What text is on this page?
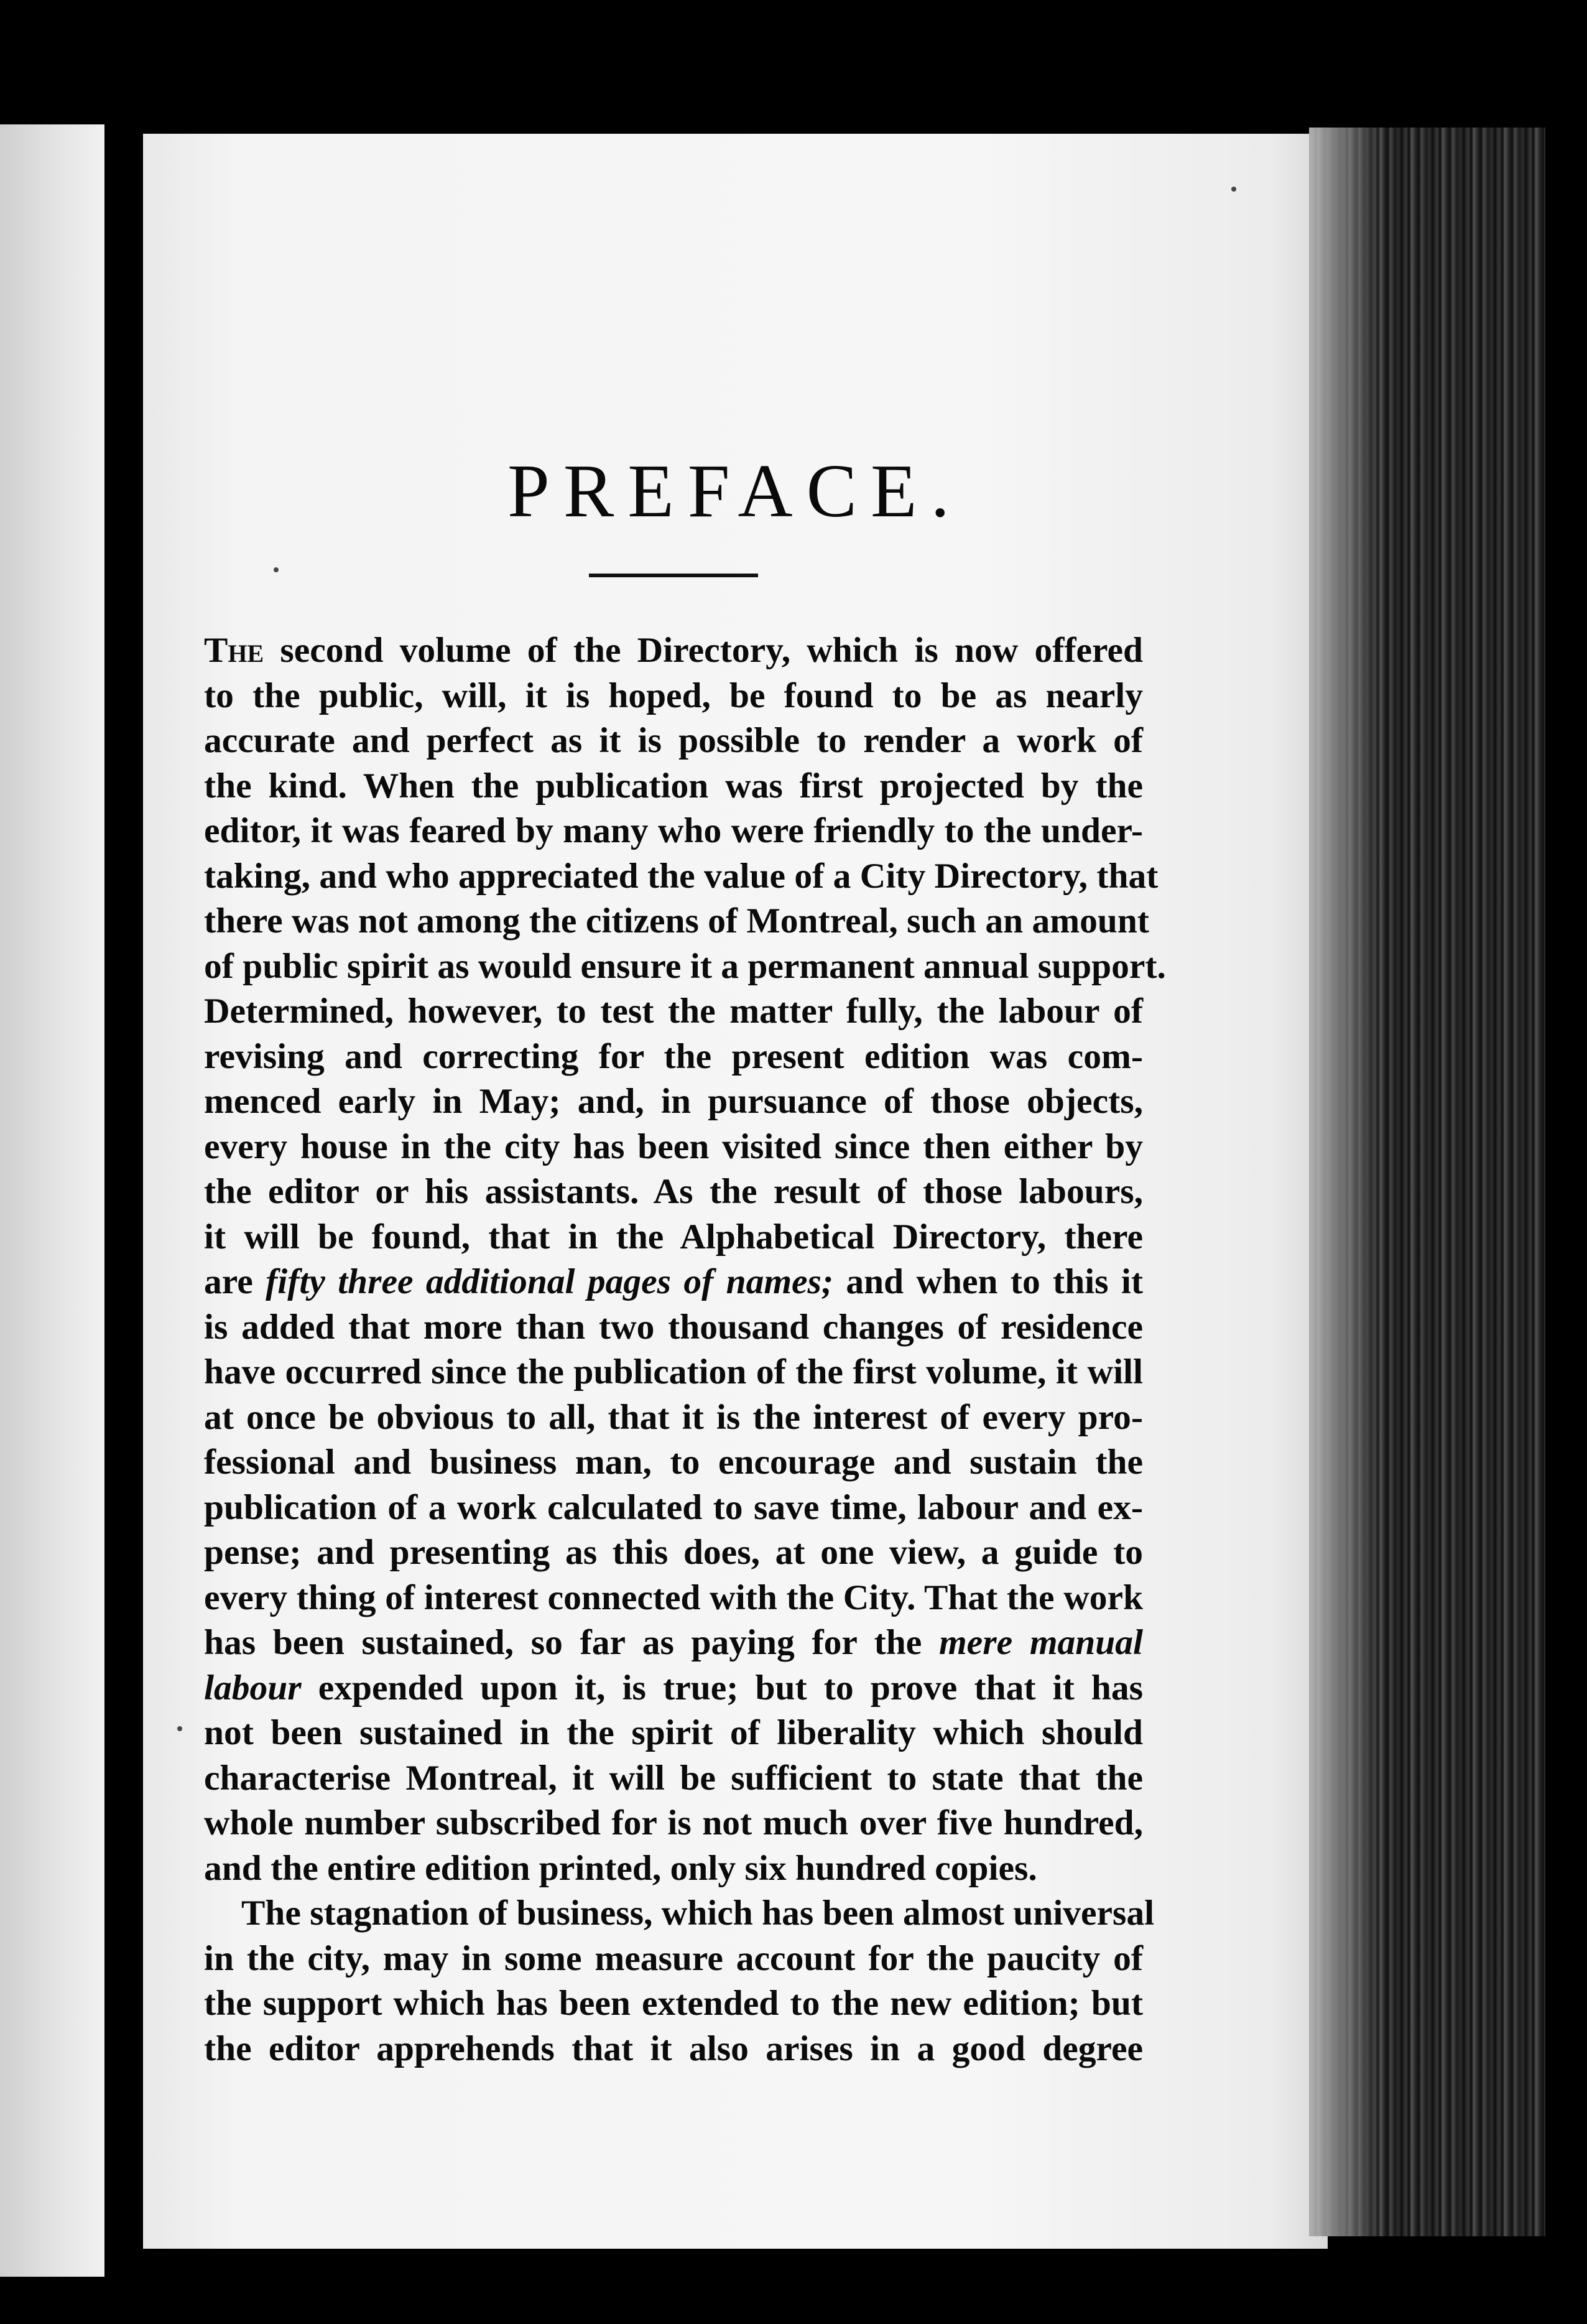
PREFACE.
The second volume of the Directory, which is now offered
to the public, will, it is hoped, be found to be as nearly
accurate and perfect as it is possible to render a work of
the kind. When the publication was first projected by the
editor, it was feared by many who were friendly to the under-
taking, and who appreciated the value of a City Directory, that
there was not among the citizens of Montreal, such an amount
of public spirit as would ensure it a permanent annual support.
Determined, however, to test the matter fully, the labour of
revising and correcting for the present edition was com-
menced early in May; and, in pursuance of those objects,
every house in the city has been visited since then either by
the editor or his assistants. As the result of those labours,
it will be found, that in the Alphabetical Directory, there
are fifty three additional pages of names; and when to this it
is added that more than two thousand changes of residence
have occurred since the publication of the first volume, it will
at once be obvious to all, that it is the interest of every pro-
fessional and business man, to encourage and sustain the
publication of a work calculated to save time, labour and ex-
pense; and presenting as this does, at one view, a guide to
every thing of interest connected with the City. That the work
has been sustained, so far as paying for the mere manual
labour expended upon it, is true; but to prove that it has
not been sustained in the spirit of liberality which should
characterise Montreal, it will be sufficient to state that the
whole number subscribed for is not much over five hundred,
and the entire edition printed, only six hundred copies.
The stagnation of business, which has been almost universal
in the city, may in some measure account for the paucity of
the support which has been extended to the new edition; but
the editor apprehends that it also arises in a good degree
